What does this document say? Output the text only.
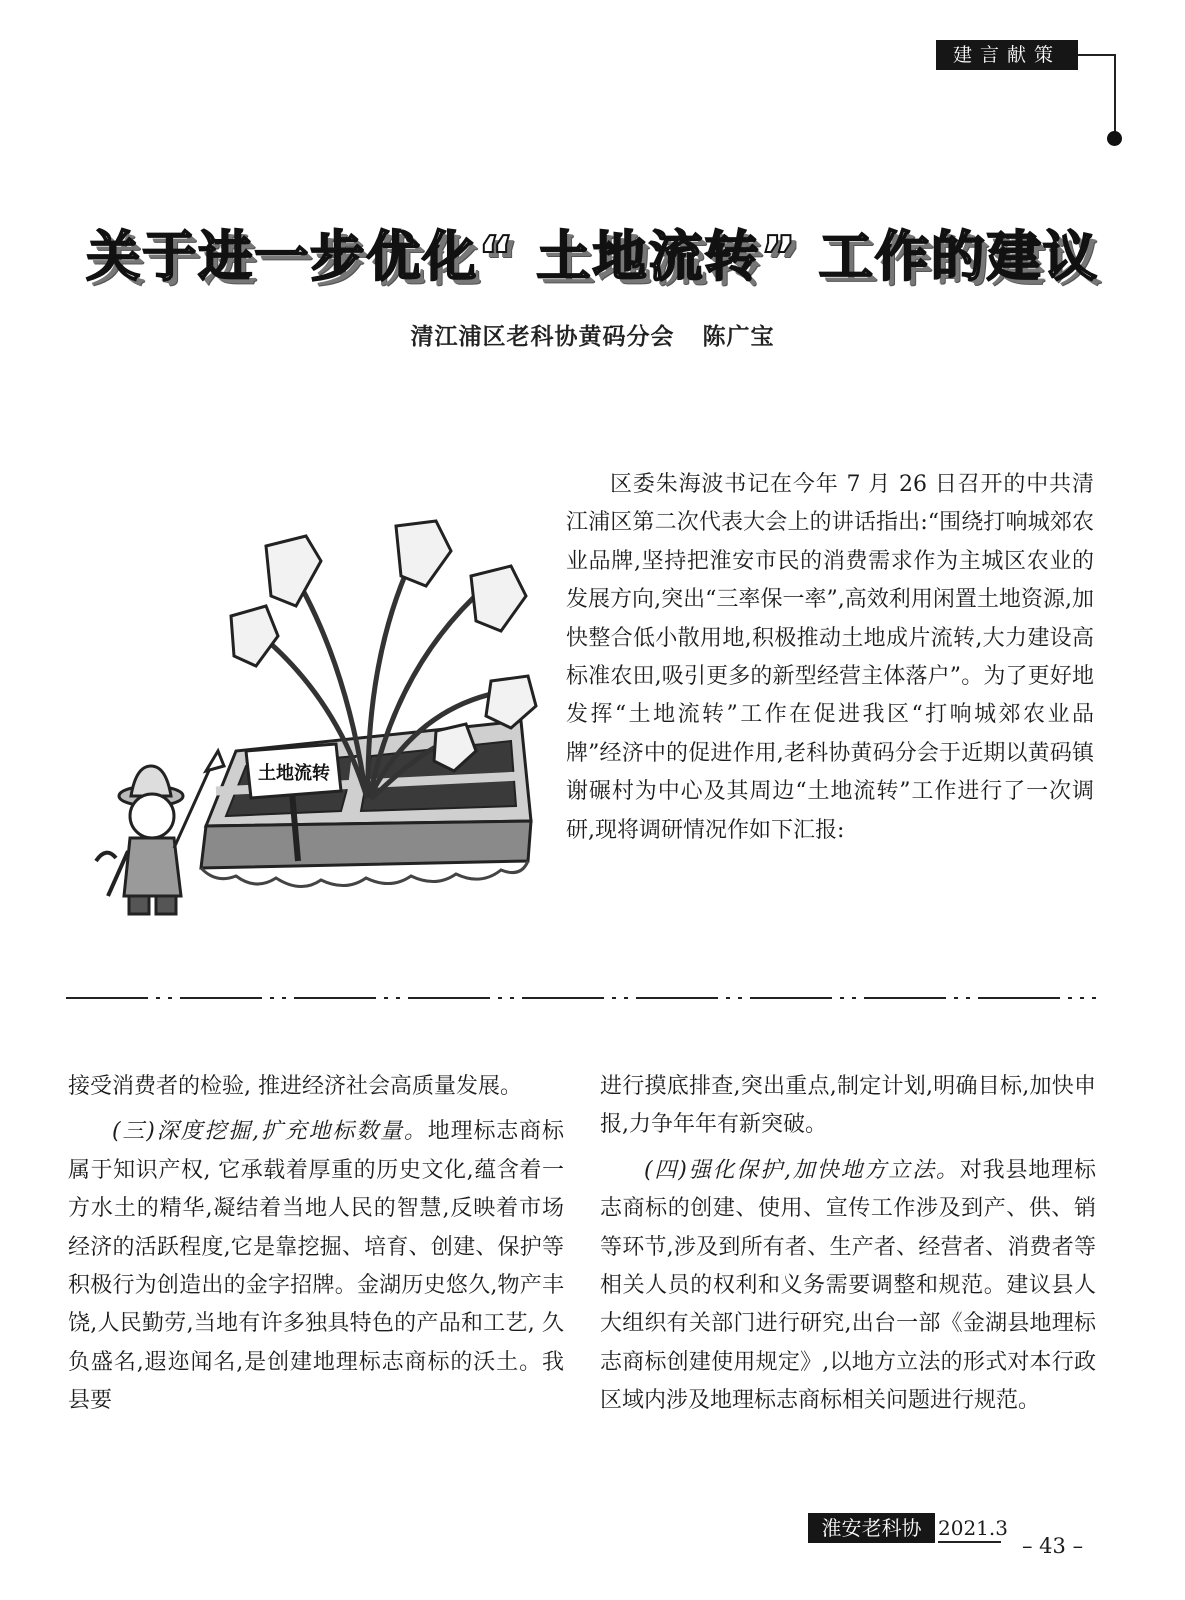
建言献策
关于进一步优化“ 土地流转” 工作的建议
清江浦区老科协黄码分会 陈广宝
土地流转

区委朱海波书记在今年 7 月 26 日召开的中共清江浦区第二次代表大会上的讲话指出:“围绕打响城郊农业品牌,坚持把淮安市民的消费需求作为主城区农业的发展方向,突出“三率保一率”,高效利用闲置土地资源,加快整合低小散用地,积极推动土地成片流转,大力建设高标准农田,吸引更多的新型经营主体落户”。为了更好地发挥“土地流转”工作在促进我区“打响城郊农业品牌”经济中的促进作用,老科协黄码分会于近期以黄码镇谢碾村为中心及其周边“土地流转”工作进行了一次调研,现将调研情况作如下汇报:

接受消费者的检验, 推进经济社会高质量发展。

(三)深度挖掘,扩充地标数量。地理标志商标属于知识产权, 它承载着厚重的历史文化,蕴含着一方水土的精华,凝结着当地人民的智慧,反映着市场经济的活跃程度,它是靠挖掘、培育、创建、保护等积极行为创造出的金字招牌。金湖历史悠久,物产丰饶,人民勤劳,当地有许多独具特色的产品和工艺, 久负盛名,遐迩闻名,是创建地理标志商标的沃土。我县要

进行摸底排查,突出重点,制定计划,明确目标,加快申报,力争年年有新突破。

(四)强化保护,加快地方立法。对我县地理标志商标的创建、使用、宣传工作涉及到产、供、销等环节,涉及到所有者、生产者、经营者、消费者等相关人员的权利和义务需要调整和规范。建议县人大组织有关部门进行研究,出台一部《金湖县地理标志商标创建使用规定》,以地方立法的形式对本行政区域内涉及地理标志商标相关问题进行规范。

淮安老科协 2021.3
– 43 –
